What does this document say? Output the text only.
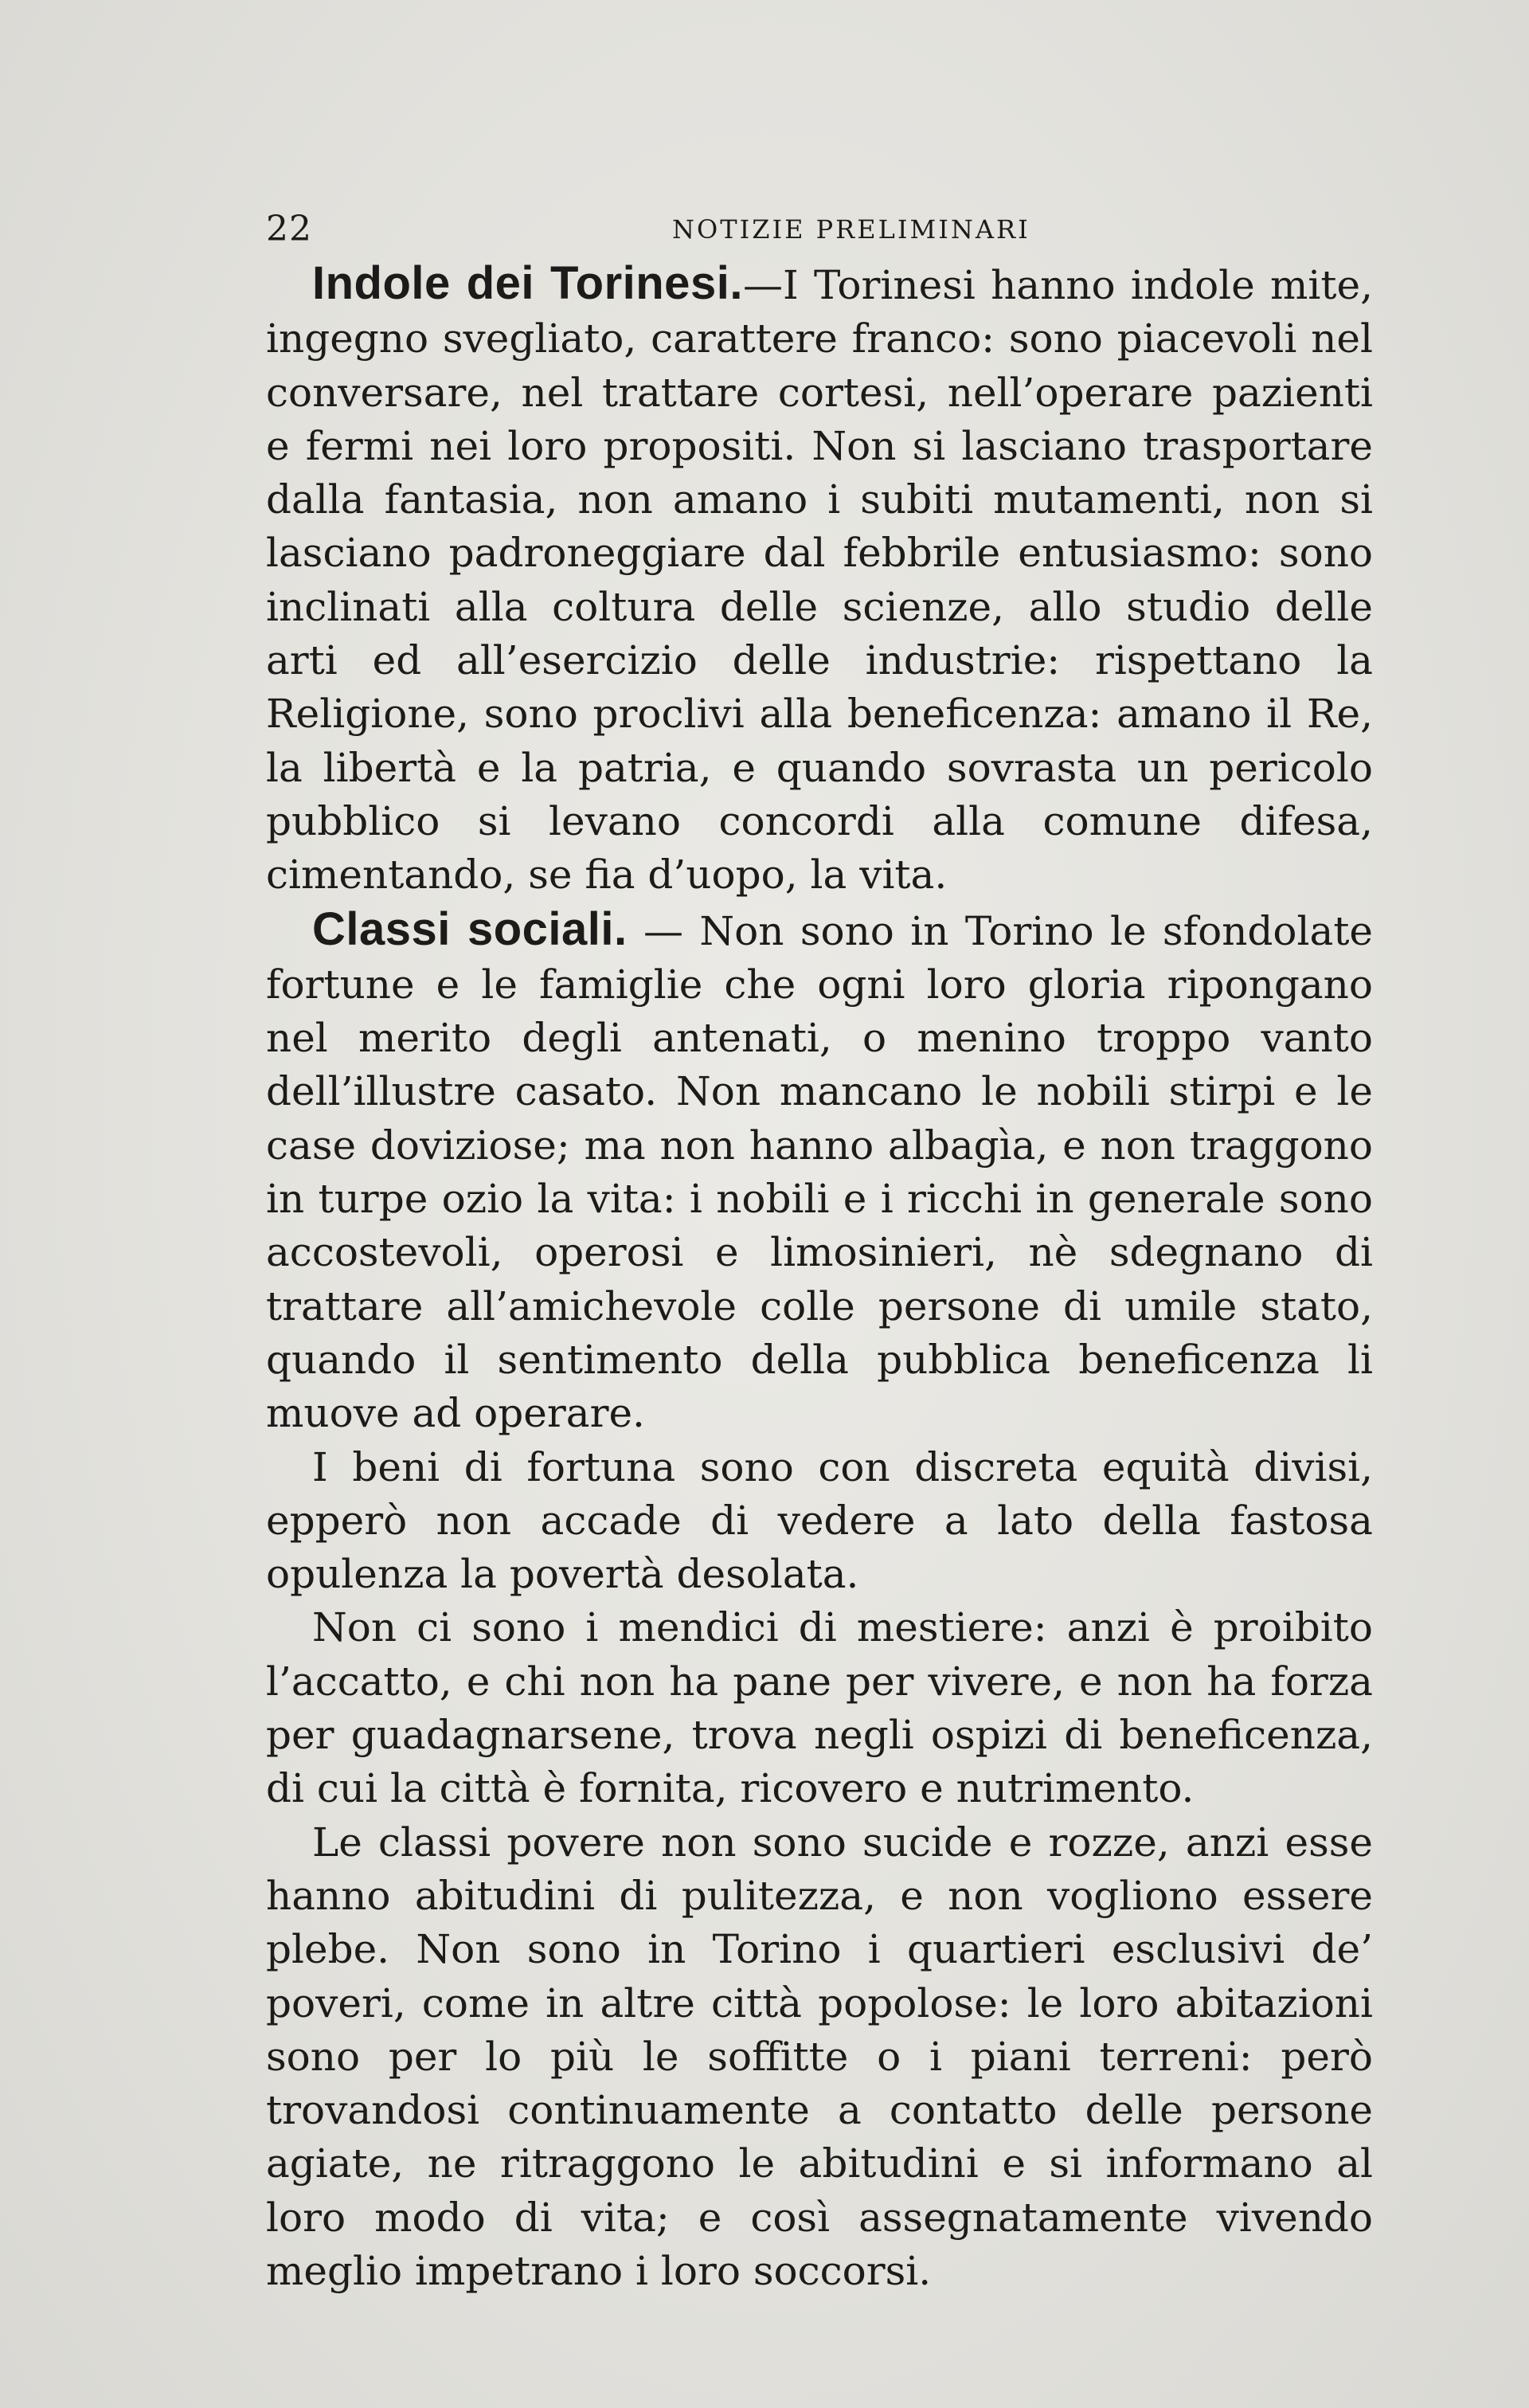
22	NOTIZIE PRELIMINARI

Indole dei Torinesi.—I Torinesi hanno indole mite, ingegno svegliato, carattere franco: sono piacevoli nel conversare, nel trattare cortesi, nell’operare pazienti e fermi nei loro propositi. Non si lasciano trasportare dalla fantasia, non amano i subiti mutamenti, non si lasciano padroneggiare dal febbrile entusiasmo: sono inclinati alla coltura delle scienze, allo studio delle arti ed all’esercizio delle industrie: rispettano la Religione, sono proclivi alla beneficenza: amano il Re, la libertà e la patria, e quando sovrasta un pericolo pubblico si levano concordi alla comune difesa, cimentando, se fia d’uopo, la vita.

Classi sociali. — Non sono in Torino le sfondolate fortune e le famiglie che ogni loro gloria ripongano nel merito degli antenati, o menino troppo vanto dell’illustre casato. Non mancano le nobili stirpi e le case doviziose; ma non hanno albagìa, e non traggono in turpe ozio la vita: i nobili e i ricchi in generale sono accostevoli, operosi e limosinieri, nè sdegnano di trattare all’amichevole colle persone di umile stato, quando il sentimento della pubblica beneficenza li muove ad operare.

I beni di fortuna sono con discreta equità divisi, epperò non accade di vedere a lato della fastosa opulenza la povertà desolata.

Non ci sono i mendici di mestiere: anzi è proibito l’accatto, e chi non ha pane per vivere, e non ha forza per guadagnarsene, trova negli ospizi di beneficenza, di cui la città è fornita, ricovero e nutrimento.

Le classi povere non sono sucide e rozze, anzi esse hanno abitudini di pulitezza, e non vogliono essere plebe. Non sono in Torino i quartieri esclusivi de’ poveri, come in altre città popolose: le loro abitazioni sono per lo più le soffitte o i piani terreni: però trovandosi continuamente a contatto delle persone agiate, ne ritraggono le abitudini e si informano al loro modo di vita; e così assegnatamente vivendo meglio impetrano i loro soccorsi.
